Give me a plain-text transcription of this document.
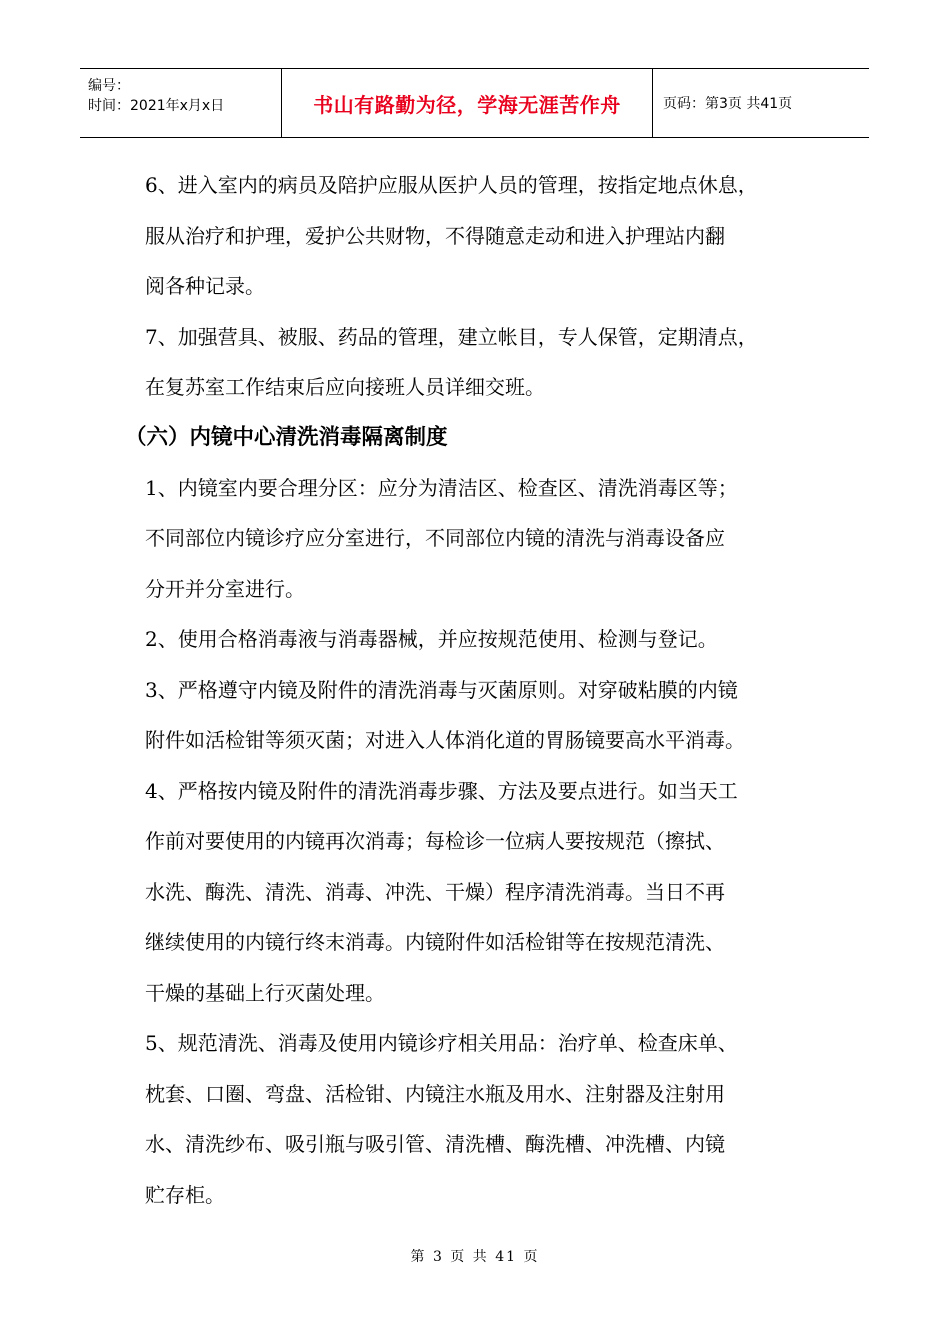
编号：
时间：2021年x月x日	书山有路勤为径，学海无涯苦作舟	页码：第3页 共41页

6、进入室内的病员及陪护应服从医护人员的管理，按指定地点休息，

服从治疗和护理，爱护公共财物，不得随意走动和进入护理站内翻

阅各种记录。

7、加强营具、被服、药品的管理，建立帐目，专人保管，定期清点，

在复苏室工作结束后应向接班人员详细交班。

（六）内镜中心清洗消毒隔离制度

1、内镜室内要合理分区：应分为清洁区、检查区、清洗消毒区等；

不同部位内镜诊疗应分室进行，不同部位内镜的清洗与消毒设备应

分开并分室进行。

2、使用合格消毒液与消毒器械，并应按规范使用、检测与登记。

3、严格遵守内镜及附件的清洗消毒与灭菌原则。对穿破粘膜的内镜

附件如活检钳等须灭菌；对进入人体消化道的胃肠镜要高水平消毒。

4、严格按内镜及附件的清洗消毒步骤、方法及要点进行。如当天工

作前对要使用的内镜再次消毒；每检诊一位病人要按规范（擦拭、

水洗、酶洗、清洗、消毒、冲洗、干燥）程序清洗消毒。当日不再

继续使用的内镜行终末消毒。内镜附件如活检钳等在按规范清洗、

干燥的基础上行灭菌处理。

5、规范清洗、消毒及使用内镜诊疗相关用品：治疗单、检查床单、

枕套、口圈、弯盘、活检钳、内镜注水瓶及用水、注射器及注射用

水、清洗纱布、吸引瓶与吸引管、清洗槽、酶洗槽、冲洗槽、内镜

贮存柜。

第 3 页 共 41 页
